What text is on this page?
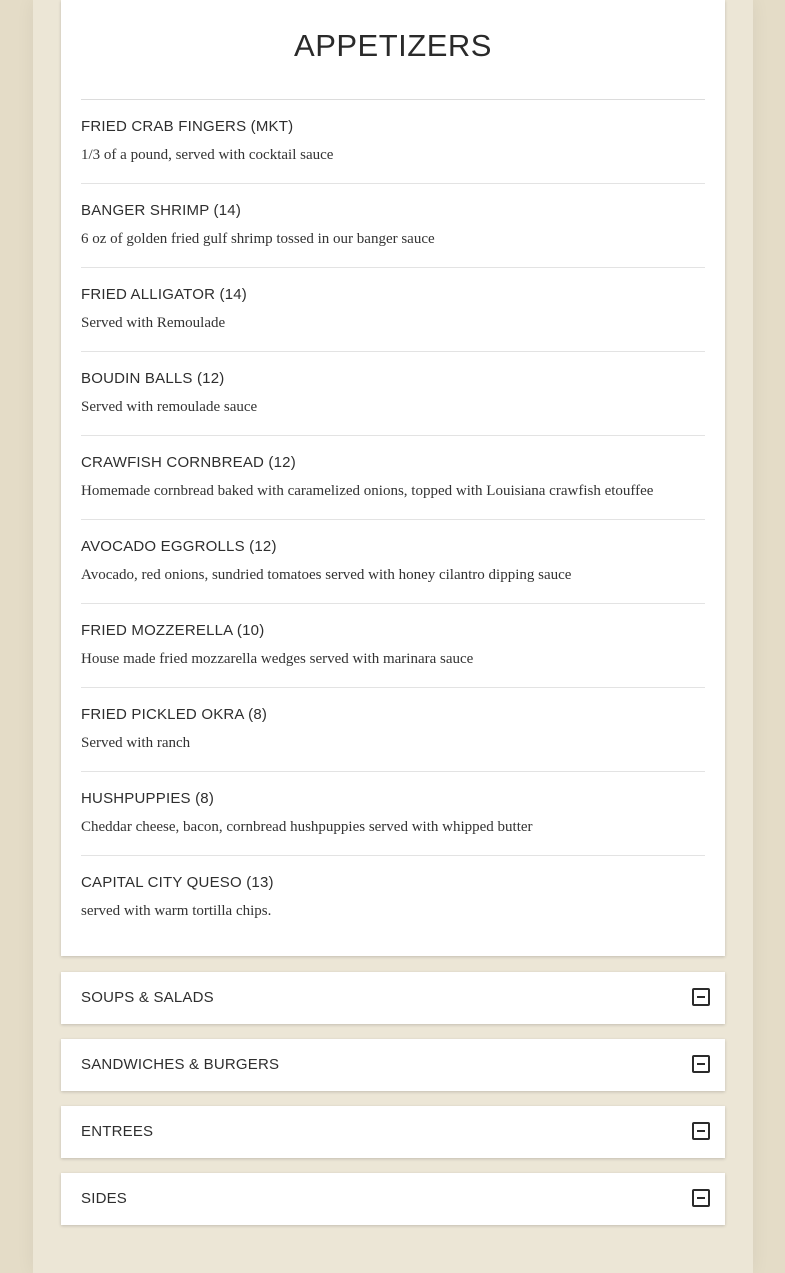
APPETIZERS
FRIED CRAB FINGERS (MKT)
1/3 of a pound, served with cocktail sauce
BANGER SHRIMP (14)
6 oz of golden fried gulf shrimp tossed in our banger sauce
FRIED ALLIGATOR (14)
Served with Remoulade
BOUDIN BALLS (12)
Served with remoulade sauce
CRAWFISH CORNBREAD (12)
Homemade cornbread baked with caramelized onions, topped with Louisiana crawfish etouffee
AVOCADO EGGROLLS (12)
Avocado, red onions, sundried tomatoes served with honey cilantro dipping sauce
FRIED MOZZERELLA (10)
House made fried mozzarella wedges served with marinara sauce
FRIED PICKLED OKRA (8)
Served with ranch
HUSHPUPPIES (8)
Cheddar cheese, bacon, cornbread hushpuppies served with whipped butter
CAPITAL CITY QUESO (13)
served with warm tortilla chips.
SOUPS & SALADS
SANDWICHES & BURGERS
ENTREES
SIDES
